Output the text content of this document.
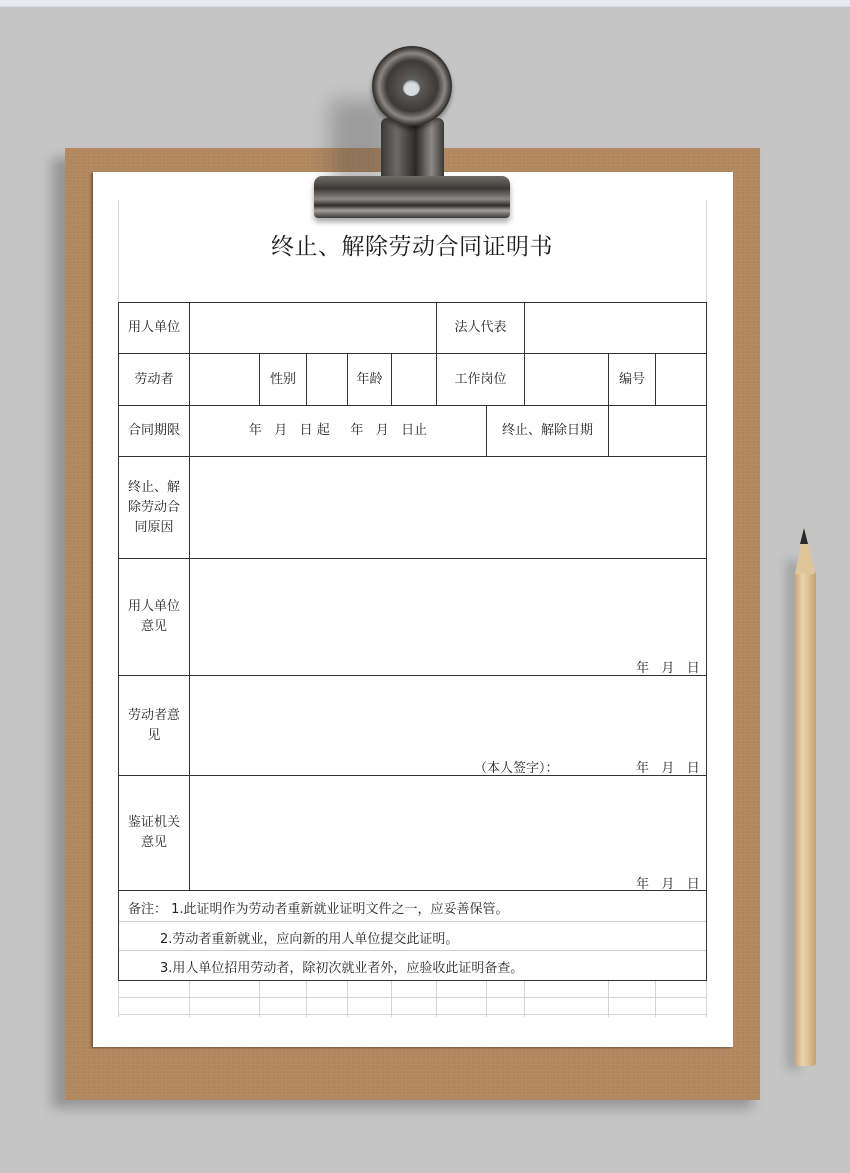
终止、解除劳动合同证明书
用人单位	法人代表
劳动者	性别	年龄	工作岗位	编号
合同期限	年   月   日 起     年   月   日止	终止、解除日期
终止、解
除劳动合
同原因
用人单位
意见
年   月   日
劳动者意
见
（本人签字）：	年   月   日
鉴证机关
意见
年   月   日
备注： 1.此证明作为劳动者重新就业证明文件之一，应妥善保管。
2.劳动者重新就业，应向新的用人单位提交此证明。
3.用人单位招用劳动者，除初次就业者外，应验收此证明备查。
